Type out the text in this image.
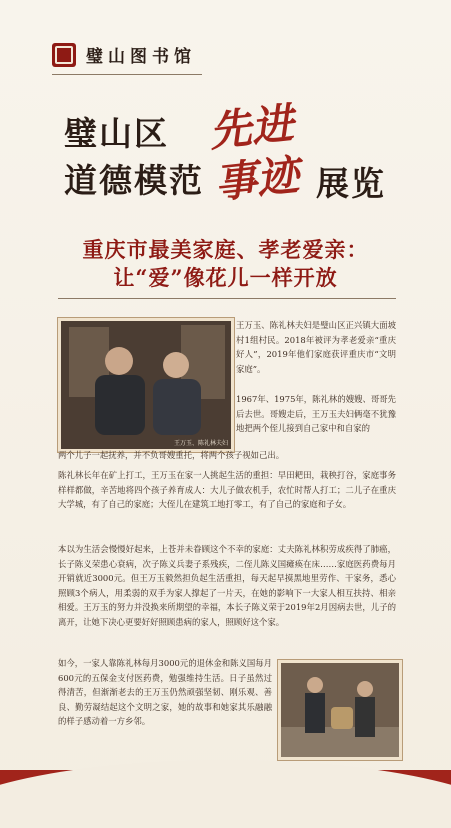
璧山图书馆
璧山区
道德模范
先进事迹 展览
重庆市最美家庭、孝老爱亲：
让“爱”像花儿一样开放
王万玉、陈礼林夫妇
王万玉、陈礼林夫妇是璧山区正兴镇大面坡村1组村民。2018年被评为孝老爱亲“重庆好人”，2019年他们家庭获评重庆市“文明家庭”。
1967年、1975年，陈礼林的嫂嫂、哥哥先后去世。哥嫂走后，王万玉夫妇俩毫不犹豫地把两个侄儿接到自己家中和自家的
两个儿子一起抚养，并不负哥嫂重托，将两个孩子视如己出。
陈礼林长年在矿上打工，王万玉在家一人挑起生活的重担：早田耙田，栽秧打谷，家庭事务样样都做，辛苦地将四个孩子养育成人：大儿子做农机手，农忙时帮人打工；二儿子在重庆大学城，有了自己的家庭；大侄儿在建筑工地打零工，有了自己的家庭和子女。
本以为生活会慢慢好起来，上苍并未眷顾这个不幸的家庭：丈夫陈礼林积劳成疾得了肺癌，长子陈义荣患心衰病，次子陈义兵妻子系残疾，二侄儿陈义国瘫痪在床……家庭医药费每月开销就近3000元。但王万玉毅然担负起生活重担，每天起早摸黑地里劳作、干家务，悉心照顾3个病人，用柔弱的双手为家人撑起了一片天，在她的影响下一大家人相互扶持、相亲相爱。王万玉的努力并没换来所期望的幸福，本长子陈义荣于2019年2月因病去世，儿子的离开，让她下决心更要好好照顾患病的家人，照顾好这个家。
如今，一家人靠陈礼林每月3000元的退休金和陈义国每月600元的五保金支付医药费，勉强维持生活。日子虽然过得清苦，但渐渐老去的王万玉仍然顽强坚韧、刚乐观、善良、勤劳凝结起这个文明之家，她的故事和她家其乐融融的样子感动着一方乡邻。
